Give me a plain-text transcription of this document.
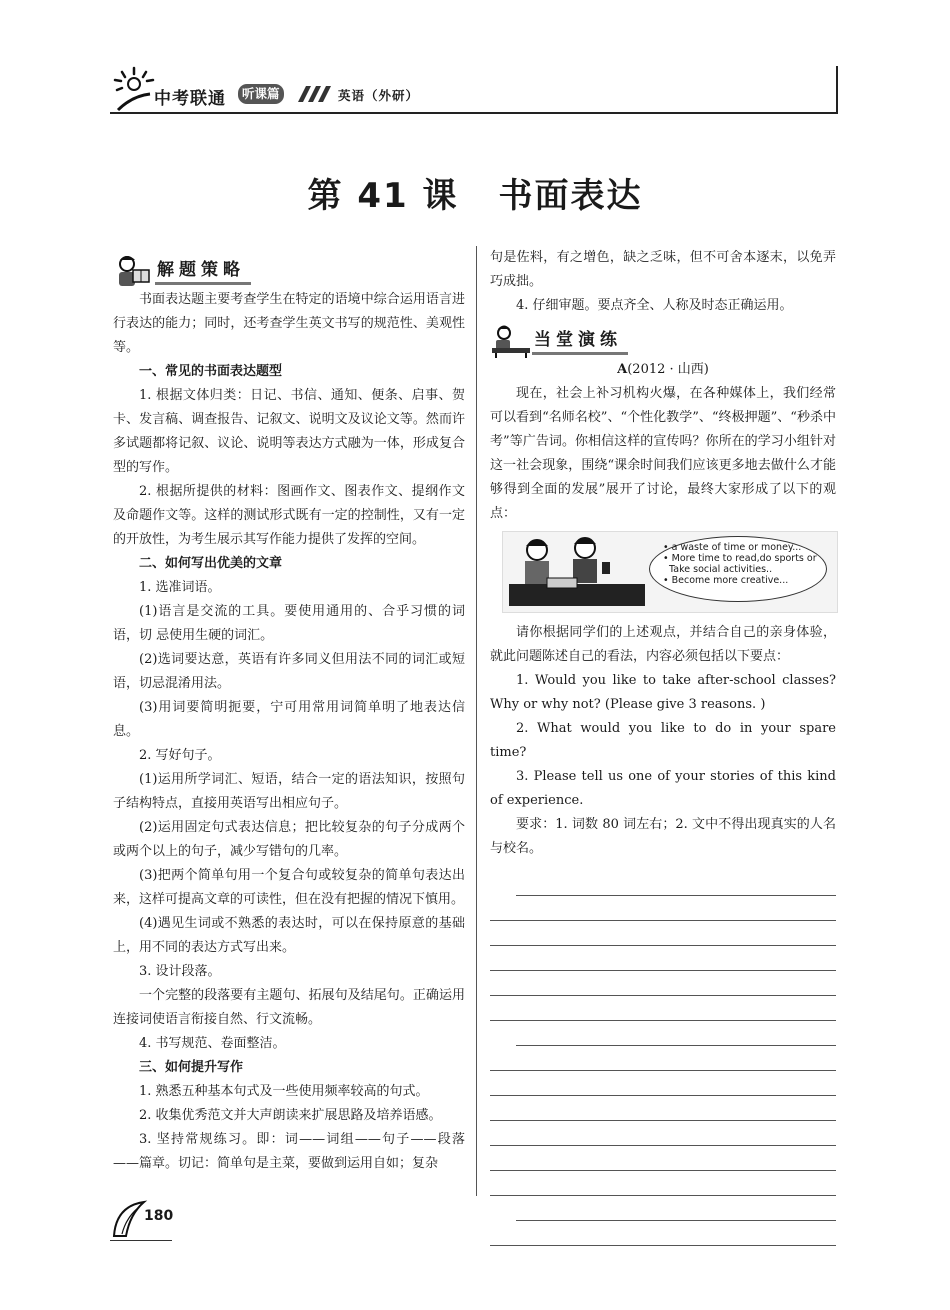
中考联通	听课篇	英语（外研）
第 41 课 书面表达
解题策略

书面表达题主要考查学生在特定的语境中综合运用语言进行表达的能力；同时，还考查学生英文书写的规范性、美观性等。

一、常见的书面表达题型

1. 根据文体归类：日记、书信、通知、便条、启事、贺卡、发言稿、调查报告、记叙文、说明文及议论文等。然而许多试题都将记叙、议论、说明等表达方式融为一体，形成复合型的写作。

2. 根据所提供的材料：图画作文、图表作文、提纲作文及命题作文等。这样的测试形式既有一定的控制性，又有一定的开放性，为考生展示其写作能力提供了发挥的空间。

二、如何写出优美的文章

1. 选准词语。

(1)语言是交流的工具。要使用通用的、合乎习惯的词语，切 忌使用生硬的词汇。

(2)选词要达意，英语有许多同义但用法不同的词汇或短语，切忌混淆用法。

(3)用词要简明扼要，宁可用常用词简单明了地表达信息。

2. 写好句子。

(1)运用所学词汇、短语，结合一定的语法知识，按照句子结构特点，直接用英语写出相应句子。

(2)运用固定句式表达信息；把比较复杂的句子分成两个或两个以上的句子，减少写错句的几率。

(3)把两个简单句用一个复合句或较复杂的简单句表达出来，这样可提高文章的可读性，但在没有把握的情况下慎用。

(4)遇见生词或不熟悉的表达时，可以在保持原意的基础上，用不同的表达方式写出来。

3. 设计段落。

一个完整的段落要有主题句、拓展句及结尾句。正确运用连接词使语言衔接自然、行文流畅。

4. 书写规范、卷面整洁。

三、如何提升写作

1. 熟悉五种基本句式及一些使用频率较高的句式。

2. 收集优秀范文并大声朗读来扩展思路及培养语感。

3. 坚持常规练习。即：词——词组——句子——段落——篇章。切记：简单句是主菜，要做到运用自如；复杂

句是佐料，有之增色，缺之乏味，但不可舍本逐末，以免弄巧成拙。

4. 仔细审题。要点齐全、人称及时态正确运用。

当堂演练

A(2012 · 山西)

现在，社会上补习机构火爆，在各种媒体上，我们经常可以看到“名师名校”、“个性化教学”、“终极押题”、“秒杀中考”等广告词。你相信这样的宣传吗？你所在的学习小组针对这一社会现象，围绕“课余时间我们应该更多地去做什么才能够得到全面的发展”展开了讨论，最终大家形成了以下的观点：

• a waste of time or money...
• More time to read,do sports or
Take social activities..
• Become more creative...

请你根据同学们的上述观点，并结合自己的亲身体验，就此问题陈述自己的看法，内容必须包括以下要点：

1. Would you like to take after-school classes? Why or why not? (Please give 3 reasons. )

2. What would you like to do in your spare time?

3. Please tell us one of your stories of this kind of experience.

要求：1. 词数 80 词左右；2. 文中不得出现真实的人名与校名。

180
